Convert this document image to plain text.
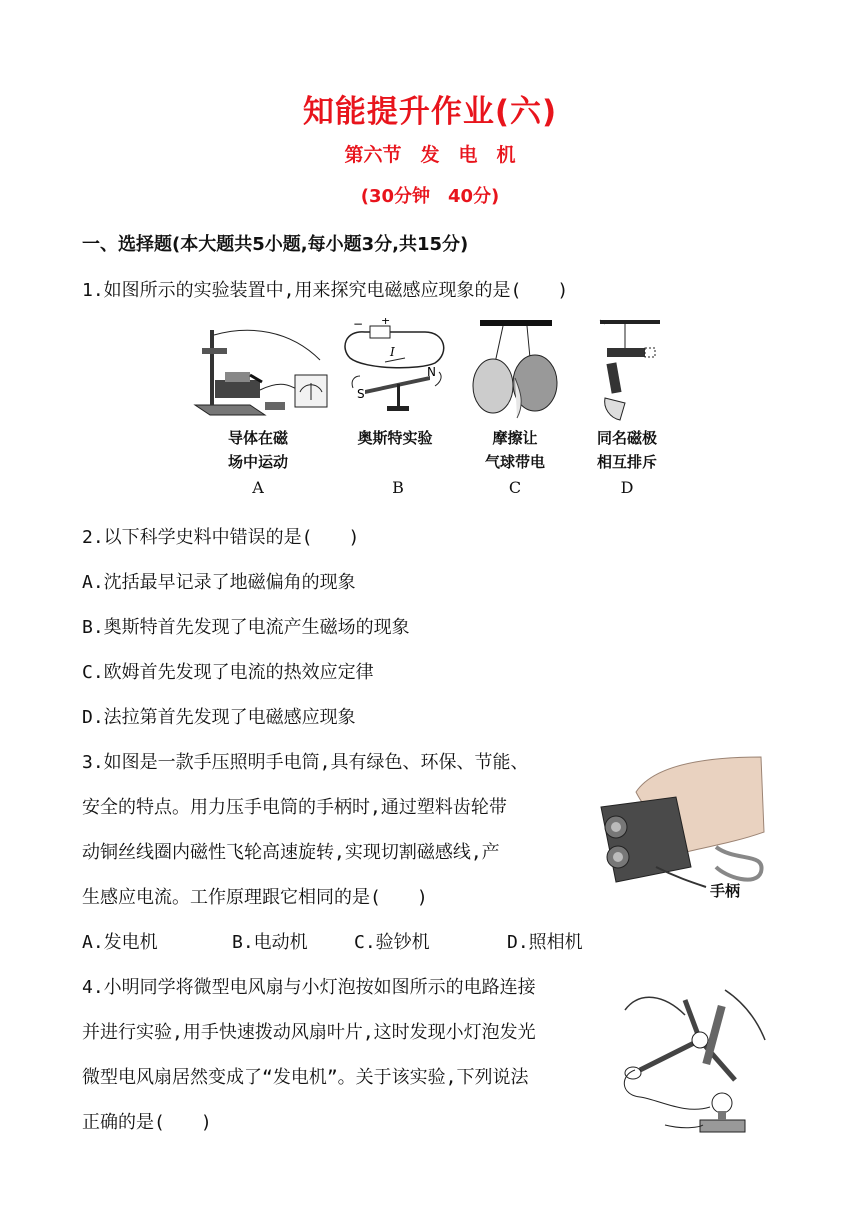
知能提升作业(六)
第六节　发　电　机
(30分钟　40分)
一、选择题(本大题共5小题,每小题3分,共15分)
1.如图所示的实验装置中,用来探究电磁感应现象的是(　　)
导体在磁
场中运动
A
− +
I
S
N
奥斯特实验
B
摩擦让
气球带电
C
同名磁极
相互排斥
D
2.以下科学史料中错误的是(　　)
A.沈括最早记录了地磁偏角的现象
B.奥斯特首先发现了电流产生磁场的现象
C.欧姆首先发现了电流的热效应定律
D.法拉第首先发现了电磁感应现象
3.如图是一款手压照明手电筒,具有绿色、环保、节能、
安全的特点。用力压手电筒的手柄时,通过塑料齿轮带
动铜丝线圈内磁性飞轮高速旋转,实现切割磁感线,产
生感应电流。工作原理跟它相同的是(　　)	手柄
A.发电机	B.电动机	C.验钞机	D.照相机
4.小明同学将微型电风扇与小灯泡按如图所示的电路连接
并进行实验,用手快速拨动风扇叶片,这时发现小灯泡发光
微型电风扇居然变成了“发电机”。关于该实验,下列说法
正确的是(　　)
